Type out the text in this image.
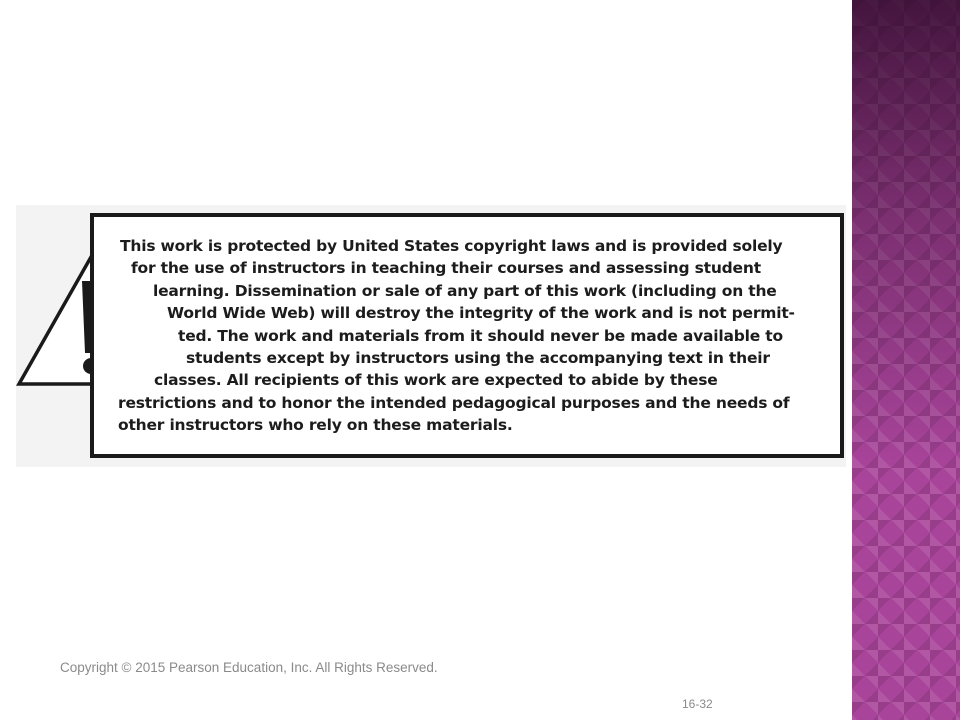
This work is protected by United States copyright laws and is provided solely
for the use of instructors in teaching their courses and assessing student
learning. Dissemination or sale of any part of this work (including on the
World Wide Web) will destroy the integrity of the work and is not permit-
ted. The work and materials from it should never be made available to
students except by instructors using the accompanying text in their
classes. All recipients of this work are expected to abide by these
restrictions and to honor the intended pedagogical purposes and the needs of
other instructors who rely on these materials.

Copyright © 2015 Pearson Education, Inc. All Rights Reserved.
16-32
